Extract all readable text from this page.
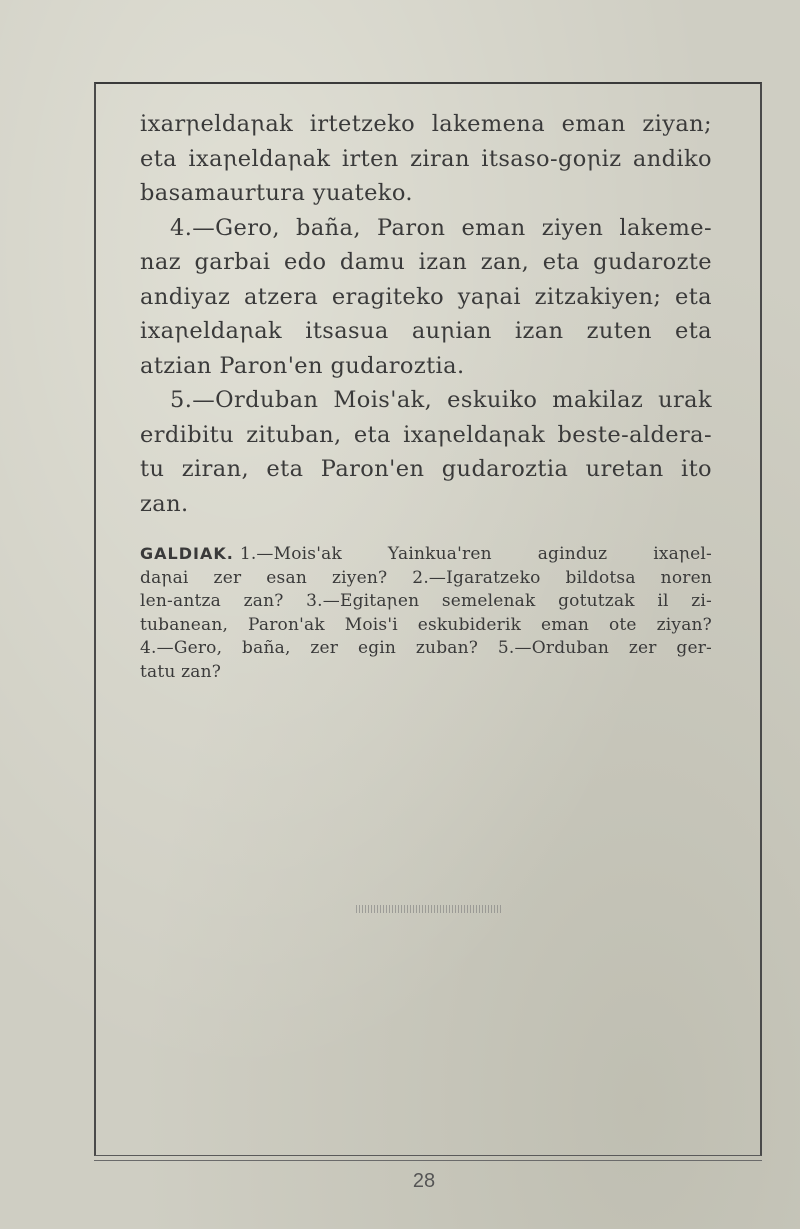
ixarꞃeldaꞃak irtetzeko lakemena eman ziyan;
eta ixaꞃeldaꞃak irten ziran itsaso-goꞃiz andiko
basamaurtura yuateko.

4.—Gero, baña, Paron eman ziyen lakeme-
naz garbai edo damu izan zan, eta gudarozte
andiyaz atzera eragiteko yaꞃai zitzakiyen; eta
ixaꞃeldaꞃak itsasua auꞃian izan zuten eta
atzian Paron'en gudaroztia.

5.—Orduban Mois'ak, eskuiko makilaz urak
erdibitu zituban, eta ixaꞃeldaꞃak beste-aldera-
tu ziran, eta Paron'en gudaroztia uretan ito
zan.

GALDIAK. 1.—Mois'ak Yainkua'ren aginduz ixaꞃel-
daꞃai zer esan ziyen? 2.—Igaratzeko bildotsa noren
len-antza zan? 3.—Egitaꞃen semelenak gotutzak il zi-
tubanean, Paron'ak Mois'i eskubiderik eman ote ziyan?
4.—Gero, baña, zer egin zuban? 5.—Orduban zer ger-
tatu zan?
28
